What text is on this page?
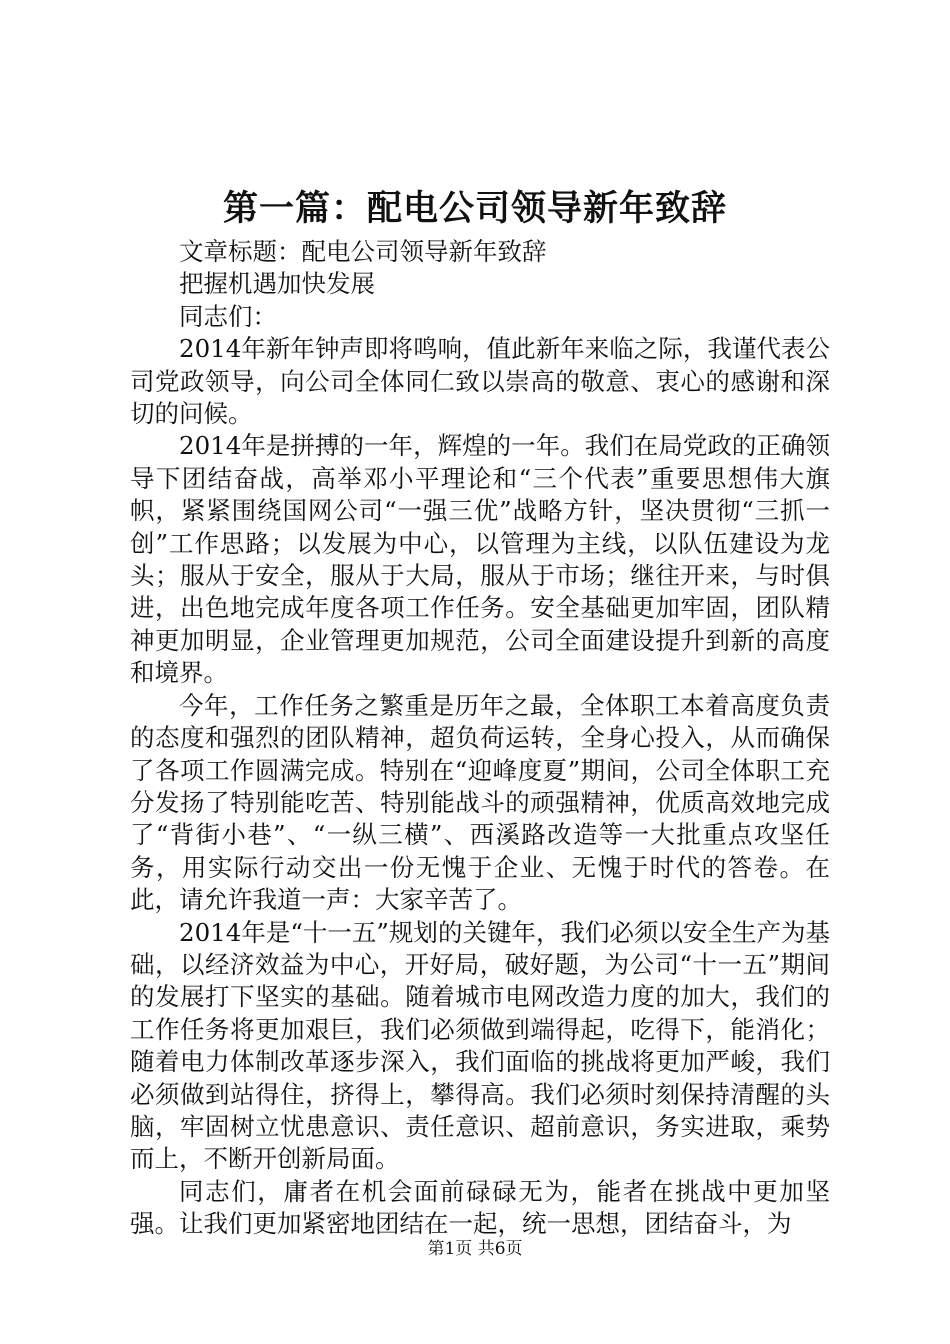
第一篇：配电公司领导新年致辞

文章标题：配电公司领导新年致辞

把握机遇加快发展

同志们：

2014年新年钟声即将鸣响，值此新年来临之际，我谨代表公司党政领导，向公司全体同仁致以崇高的敬意、衷心的感谢和深切的问候。

2014年是拼搏的一年，辉煌的一年。我们在局党政的正确领导下团结奋战，高举邓小平理论和“三个代表”重要思想伟大旗帜，紧紧围绕国网公司“一强三优”战略方针，坚决贯彻“三抓一创”工作思路；以发展为中心，以管理为主线，以队伍建设为龙头；服从于安全，服从于大局，服从于市场；继往开来，与时俱进，出色地完成年度各项工作任务。安全基础更加牢固，团队精神更加明显，企业管理更加规范，公司全面建设提升到新的高度和境界。

今年，工作任务之繁重是历年之最，全体职工本着高度负责的态度和强烈的团队精神，超负荷运转，全身心投入，从而确保了各项工作圆满完成。特别在“迎峰度夏”期间，公司全体职工充分发扬了特别能吃苦、特别能战斗的顽强精神，优质高效地完成了“背街小巷”、“一纵三横”、西溪路改造等一大批重点攻坚任务，用实际行动交出一份无愧于企业、无愧于时代的答卷。在此，请允许我道一声：大家辛苦了。

2014年是“十一五”规划的关键年，我们必须以安全生产为基础，以经济效益为中心，开好局，破好题，为公司“十一五”期间的发展打下坚实的基础。随着城市电网改造力度的加大，我们的工作任务将更加艰巨，我们必须做到端得起，吃得下，能消化；随着电力体制改革逐步深入，我们面临的挑战将更加严峻，我们必须做到站得住，挤得上，攀得高。我们必须时刻保持清醒的头脑，牢固树立忧患意识、责任意识、超前意识，务实进取，乘势而上，不断开创新局面。

同志们，庸者在机会面前碌碌无为，能者在挑战中更加坚强。让我们更加紧密地团结在一起，统一思想，团结奋斗，为

第1页 共6页
